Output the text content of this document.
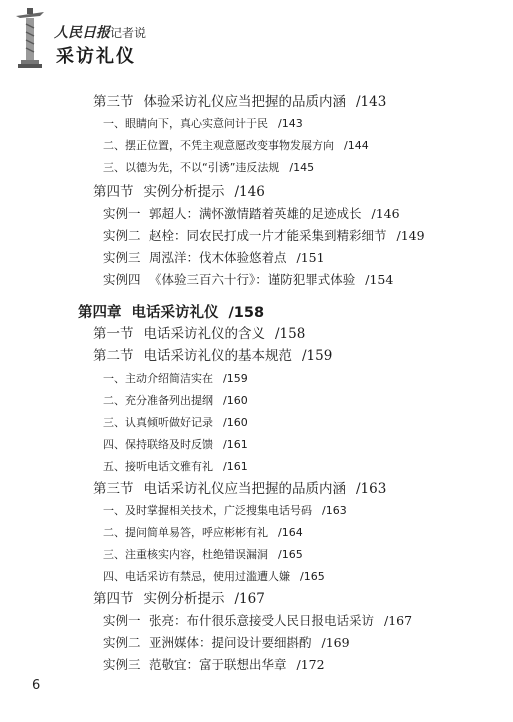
人民日报记者说
采访礼仪
第三节 体验采访礼仪应当把握的品质内涵 /143
一、眼睛向下，真心实意问计于民 /143
二、摆正位置，不凭主观意愿改变事物发展方向 /144
三、以德为先，不以“引诱”违反法规 /145
第四节 实例分析提示 /146
实例一 郭超人：满怀激情踏着英雄的足迹成长 /146
实例二 赵栓：同农民打成一片才能采集到精彩细节 /149
实例三 周泓洋：伐木体验悠着点 /151
实例四 《体验三百六十行》：谨防犯罪式体验 /154
第四章 电话采访礼仪 /158
第一节 电话采访礼仪的含义 /158
第二节 电话采访礼仪的基本规范 /159
一、主动介绍简洁实在 /159
二、充分准备列出提纲 /160
三、认真倾听做好记录 /160
四、保持联络及时反馈 /161
五、接听电话文雅有礼 /161
第三节 电话采访礼仪应当把握的品质内涵 /163
一、及时掌握相关技术，广泛搜集电话号码 /163
二、提问简单易答，呼应彬彬有礼 /164
三、注重核实内容，杜绝错误漏洞 /165
四、电话采访有禁忌，使用过滥遭人嫌 /165
第四节 实例分析提示 /167
实例一 张亮：布什很乐意接受人民日报电话采访 /167
实例二 亚洲媒体：提问设计要细斟酌 /169
实例三 范敬宜：富于联想出华章 /172
6
